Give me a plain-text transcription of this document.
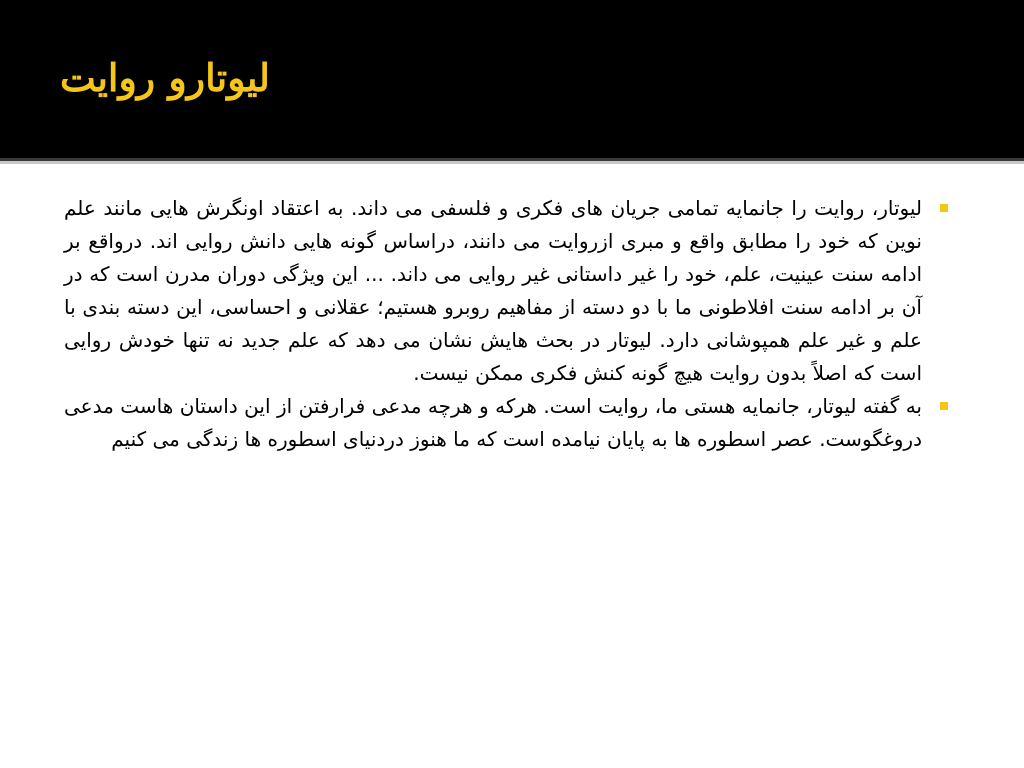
لیوتارو روایت

لیوتار، روایت را جانمایه تمامی جریان های فکری و فلسفی می داند. به اعتقاد اونگرش هایی مانند علم نوین که خود را مطابق واقع و مبری ازروایت می دانند، دراساس گونه هایی دانش روایی اند. درواقع بر ادامه سنت عینیت، علم، خود را غیر داستانی غیر روایی می داند. ... این ویژگی دوران مدرن است که در آن بر ادامه سنت افلاطونی ما با دو دسته از مفاهیم روبرو هستیم؛ عقلانی و احساسی، این دسته بندی با علم و غیر علم همپوشانی دارد. لیوتار در بحث هایش نشان می دهد که علم جدید نه تنها خودش روایی است که اصلاً بدون روایت هیچ گونه کنش فکری ممکن نیست.

به گفته لیوتار، جانمایه هستی ما، روایت است. هرکه و هرچه مدعی فرارفتن از این داستان هاست مدعی دروغگوست. عصر اسطوره ها به پایان نیامده است که ما هنوز دردنیای اسطوره ها زندگی می کنیم
